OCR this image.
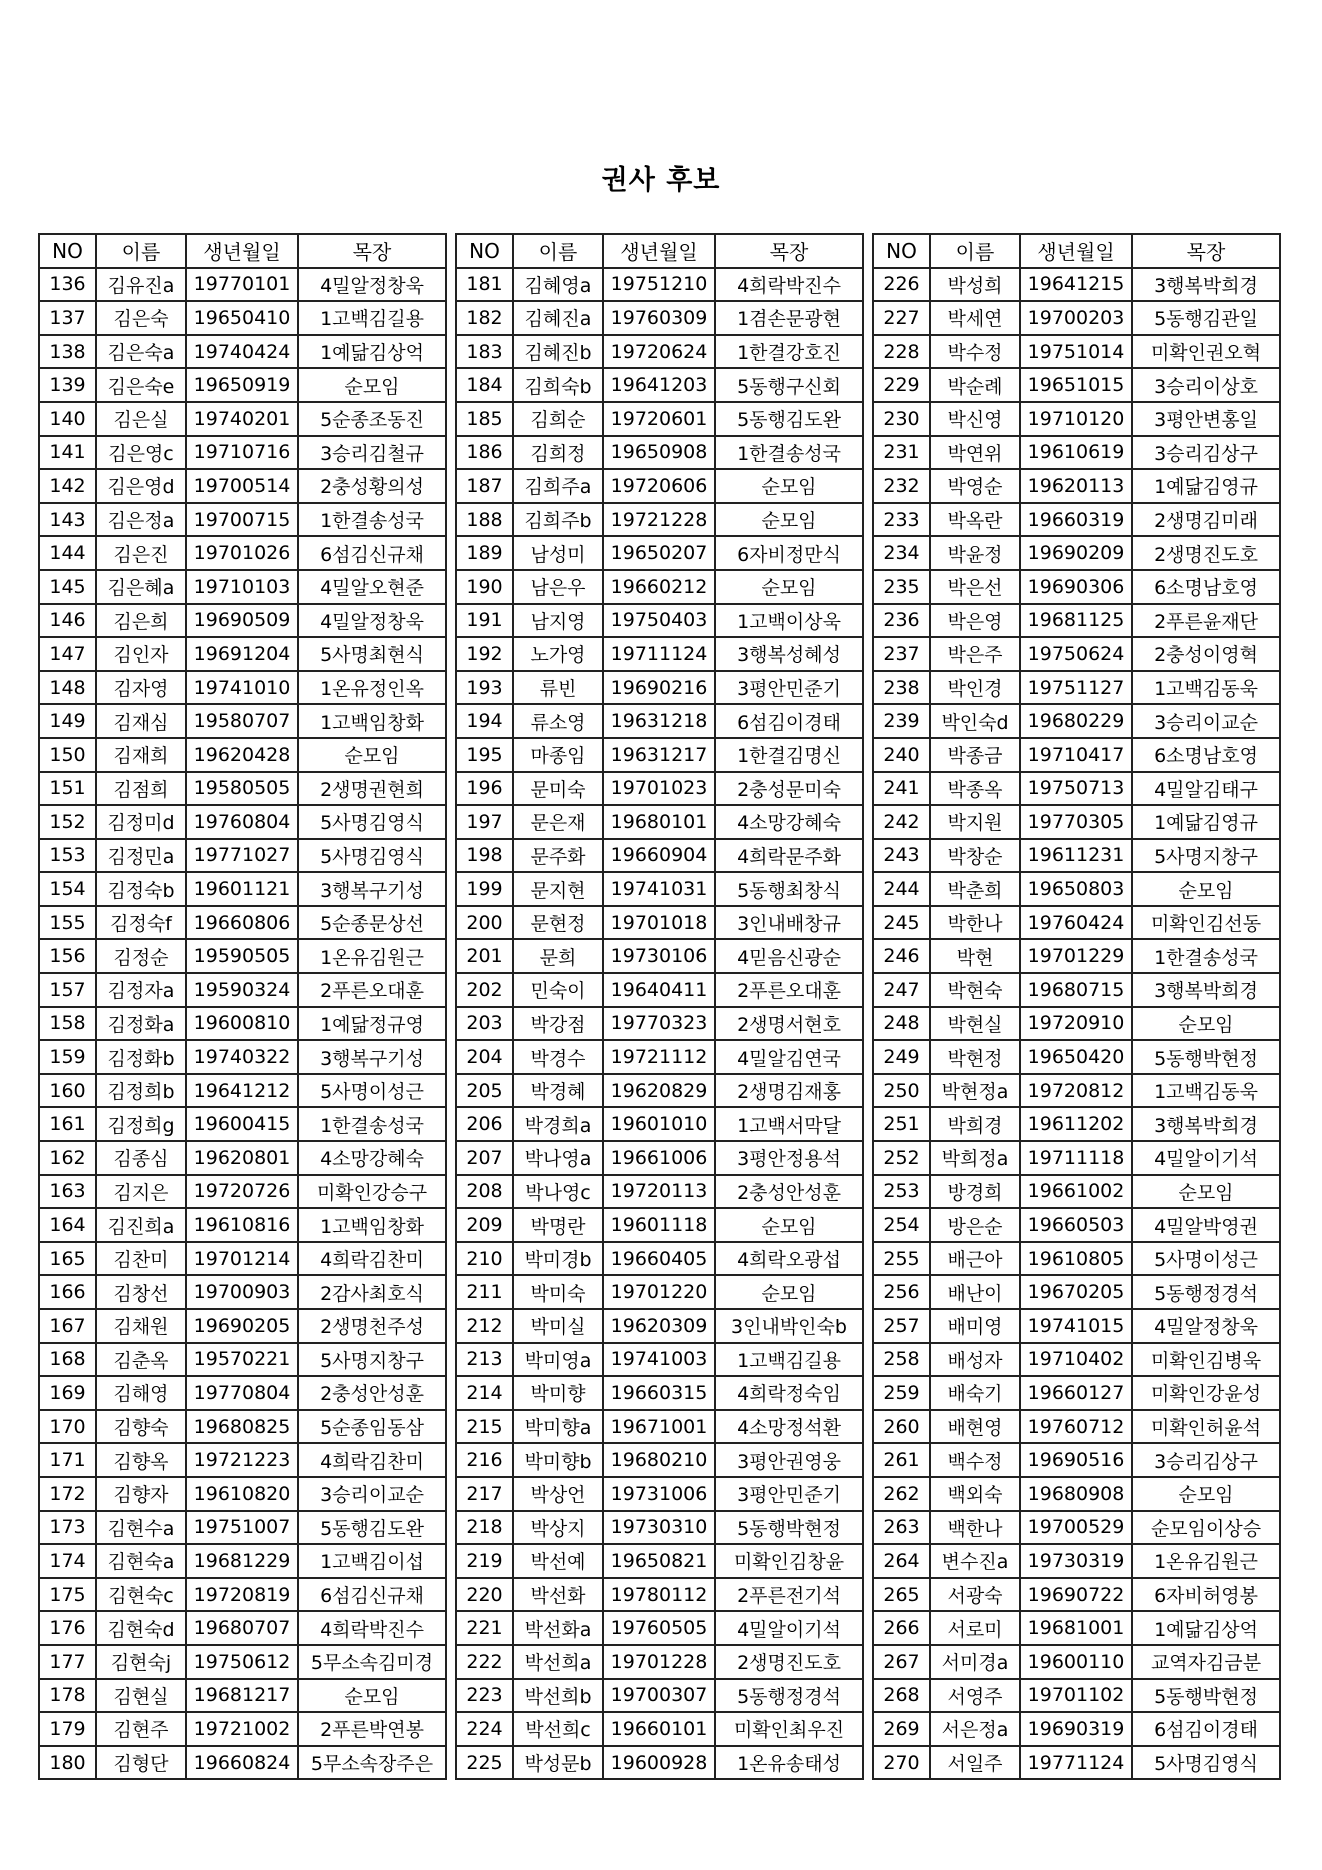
권사 후보
NO	이름	생년월일	목장
136	김유진a	19770101	4밀알정창욱
137	김은숙	19650410	1고백김길용
138	김은숙a	19740424	1예닮김상억
139	김은숙e	19650919	순모임
140	김은실	19740201	5순종조동진
141	김은영c	19710716	3승리김철규
142	김은영d	19700514	2충성황의성
143	김은정a	19700715	1한결송성국
144	김은진	19701026	6섬김신규채
145	김은혜a	19710103	4밀알오현준
146	김은희	19690509	4밀알정창욱
147	김인자	19691204	5사명최현식
148	김자영	19741010	1온유정인옥
149	김재심	19580707	1고백임창화
150	김재희	19620428	순모임
151	김점희	19580505	2생명권현희
152	김정미d	19760804	5사명김영식
153	김정민a	19771027	5사명김영식
154	김정숙b	19601121	3행복구기성
155	김정숙f	19660806	5순종문상선
156	김정순	19590505	1온유김원근
157	김정자a	19590324	2푸른오대훈
158	김정화a	19600810	1예닮정규영
159	김정화b	19740322	3행복구기성
160	김정희b	19641212	5사명이성근
161	김정희g	19600415	1한결송성국
162	김종심	19620801	4소망강혜숙
163	김지은	19720726	미확인강승구
164	김진희a	19610816	1고백임창화
165	김찬미	19701214	4희락김찬미
166	김창선	19700903	2감사최호식
167	김채원	19690205	2생명천주성
168	김춘옥	19570221	5사명지창구
169	김해영	19770804	2충성안성훈
170	김향숙	19680825	5순종임동삼
171	김향옥	19721223	4희락김찬미
172	김향자	19610820	3승리이교순
173	김현수a	19751007	5동행김도완
174	김현숙a	19681229	1고백김이섭
175	김현숙c	19720819	6섬김신규채
176	김현숙d	19680707	4희락박진수
177	김현숙j	19750612	5무소속김미경
178	김현실	19681217	순모임
179	김현주	19721002	2푸른박연봉
180	김형단	19660824	5무소속장주은
NO	이름	생년월일	목장
181	김혜영a	19751210	4희락박진수
182	김혜진a	19760309	1겸손문광현
183	김혜진b	19720624	1한결강호진
184	김희숙b	19641203	5동행구신회
185	김희순	19720601	5동행김도완
186	김희정	19650908	1한결송성국
187	김희주a	19720606	순모임
188	김희주b	19721228	순모임
189	남성미	19650207	6자비정만식
190	남은우	19660212	순모임
191	남지영	19750403	1고백이상욱
192	노가영	19711124	3행복성혜성
193	류빈	19690216	3평안민준기
194	류소영	19631218	6섬김이경태
195	마종임	19631217	1한결김명신
196	문미숙	19701023	2충성문미숙
197	문은재	19680101	4소망강혜숙
198	문주화	19660904	4희락문주화
199	문지현	19741031	5동행최창식
200	문현정	19701018	3인내배창규
201	문희	19730106	4믿음신광순
202	민숙이	19640411	2푸른오대훈
203	박강점	19770323	2생명서현호
204	박경수	19721112	4밀알김연국
205	박경혜	19620829	2생명김재홍
206	박경희a	19601010	1고백서막달
207	박나영a	19661006	3평안정용석
208	박나영c	19720113	2충성안성훈
209	박명란	19601118	순모임
210	박미경b	19660405	4희락오광섭
211	박미숙	19701220	순모임
212	박미실	19620309	3인내박인숙b
213	박미영a	19741003	1고백김길용
214	박미향	19660315	4희락정숙임
215	박미향a	19671001	4소망정석환
216	박미향b	19680210	3평안권영웅
217	박상언	19731006	3평안민준기
218	박상지	19730310	5동행박현정
219	박선예	19650821	미확인김창윤
220	박선화	19780112	2푸른전기석
221	박선화a	19760505	4밀알이기석
222	박선희a	19701228	2생명진도호
223	박선희b	19700307	5동행정경석
224	박선희c	19660101	미확인최우진
225	박성문b	19600928	1온유송태성
NO	이름	생년월일	목장
226	박성희	19641215	3행복박희경
227	박세연	19700203	5동행김관일
228	박수정	19751014	미확인권오혁
229	박순례	19651015	3승리이상호
230	박신영	19710120	3평안변홍일
231	박연위	19610619	3승리김상구
232	박영순	19620113	1예닮김영규
233	박옥란	19660319	2생명김미래
234	박윤정	19690209	2생명진도호
235	박은선	19690306	6소명남호영
236	박은영	19681125	2푸른윤재단
237	박은주	19750624	2충성이영혁
238	박인경	19751127	1고백김동욱
239	박인숙d	19680229	3승리이교순
240	박종금	19710417	6소명남호영
241	박종옥	19750713	4밀알김태구
242	박지원	19770305	1예닮김영규
243	박창순	19611231	5사명지창구
244	박춘희	19650803	순모임
245	박한나	19760424	미확인김선동
246	박현	19701229	1한결송성국
247	박현숙	19680715	3행복박희경
248	박현실	19720910	순모임
249	박현정	19650420	5동행박현정
250	박현정a	19720812	1고백김동욱
251	박희경	19611202	3행복박희경
252	박희정a	19711118	4밀알이기석
253	방경희	19661002	순모임
254	방은순	19660503	4밀알박영권
255	배근아	19610805	5사명이성근
256	배난이	19670205	5동행정경석
257	배미영	19741015	4밀알정창욱
258	배성자	19710402	미확인김병욱
259	배숙기	19660127	미확인강윤성
260	배현영	19760712	미확인허윤석
261	백수정	19690516	3승리김상구
262	백외숙	19680908	순모임
263	백한나	19700529	순모임이상승
264	변수진a	19730319	1온유김원근
265	서광숙	19690722	6자비허영봉
266	서로미	19681001	1예닮김상억
267	서미경a	19600110	교역자김금분
268	서영주	19701102	5동행박현정
269	서은정a	19690319	6섬김이경태
270	서일주	19771124	5사명김영식
